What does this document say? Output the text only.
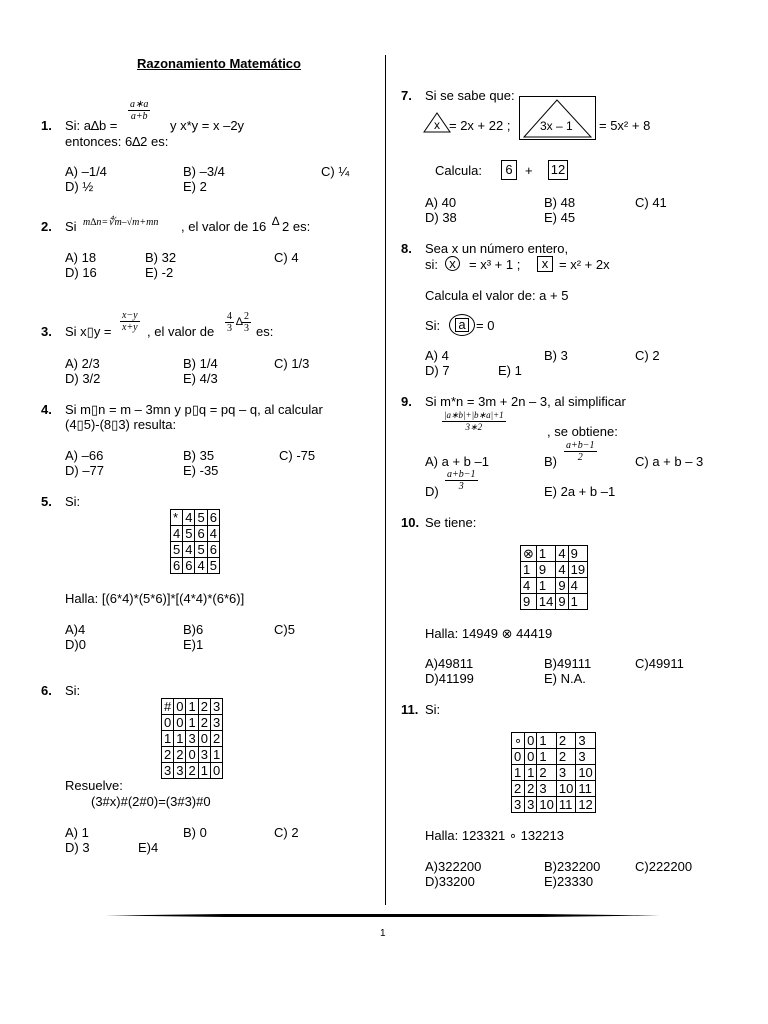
Razonamiento Matemático
1. Si: a∆b =
$\frac{a∗a}{a+b}$
y x*y = x –2y
entonces: 6∆2 es:
A) –1/4	B) –3/4	C) ¼
D) ½	E) 2
2. Si m∆n=∜m–√m+mn , el valor de 16 ∆ 2 es:
A) 18	B) 32	C) 4
D) 16	E) -2
3. Si x▯y = $\frac{x-y}{x+y}$ , el valor de $\frac{4}{3}$ ∆ $\frac{2}{3}$ es:
A) 2/3	B) 1/4	C) 1/3
D) 3/2	E) 4/3
4. Si m▯n = m – 3mn y p▯q = pq – q, al calcular
(4▯5)-(8▯3) resulta:
A) –66	B) 35	C) -75
D) –77	E) -35
5. Si:
*	4	5	6
4	5	6	4
5	4	5	6
6	6	4	5
Halla: [(6*4)*(5*6)]*[(4*4)*(6*6)]
A)4	B)6	C)5
D)0	E)1
6. Si:
#	0	1	2	3
0	0	1	2	3
1	1	3	0	2
2	2	0	3	1
3	3	2	1	0
Resuelve:
(3#x)#(2#0)=(3#3)#0
A) 1	B) 0	C) 2
D) 3	E)4
7. Si se sabe que:
x = 2x + 22 ; 3x – 1 = 5x² + 8
Calcula:	6 + 12
A) 40	B) 48	C) 41
D) 38	E) 45
8. Sea x un número entero,
si: x	= x³ + 1 ;	x = x² + 2x
Calcula el valor de: a + 5
Si: a = 0
A) 4	B) 3	C) 2
D) 7	E) 1
9. Si m*n = 3m + 2n – 3, al simplificar
$\frac{|a∗b|+|b∗a|+1}{3∗2}$	, se obtiene:
A) a + b –1	$B) \frac{a+b-1}{2}$	C) a + b – 3
$D) \frac{a+b-1}{3}$	E) 2a + b –1
10. Se tiene:
⊗	1	4	9
1	9	4	19
4	1	9	4
9	14	9	1
Halla: 14949 ⊗ 44419
A)49811	B)49111	C)49911
D)41199	E) N.A.
11. Si:
∘	0	1	2	3
0	0	1	2	3
1	1	2	3	10
2	2	3	10	11
3	3	10	11	12
Halla: 123321 ∘ 132213
A)322200	B)232200	C)222200
D)33200	E)23330
1
